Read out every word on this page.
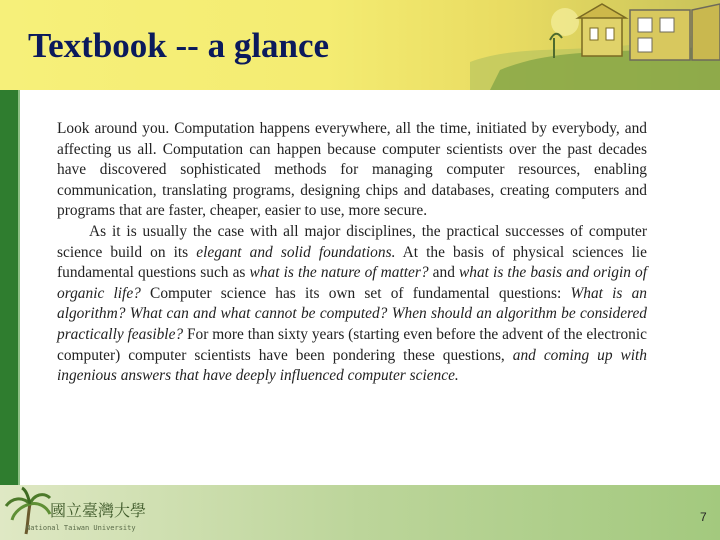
Textbook -- a glance

Look around you. Computation happens everywhere, all the time, initiated by everybody, and affecting us all. Computation can happen because computer scientists over the past decades have discovered sophisticated methods for managing computer resources, enabling communication, translating programs, designing chips and databases, creating computers and programs that are faster, cheaper, easier to use, more secure.

As it is usually the case with all major disciplines, the practical successes of computer science build on its elegant and solid foundations. At the basis of physical sciences lie fundamental questions such as what is the nature of matter? and what is the basis and origin of organic life? Computer science has its own set of fundamental questions: What is an algorithm? What can and what cannot be computed? When should an algorithm be considered practically feasible? For more than sixty years (starting even before the advent of the electronic computer) computer scientists have been pondering these questions, and coming up with ingenious answers that have deeply influenced computer science.

國立臺灣大學
National Taiwan University
7
